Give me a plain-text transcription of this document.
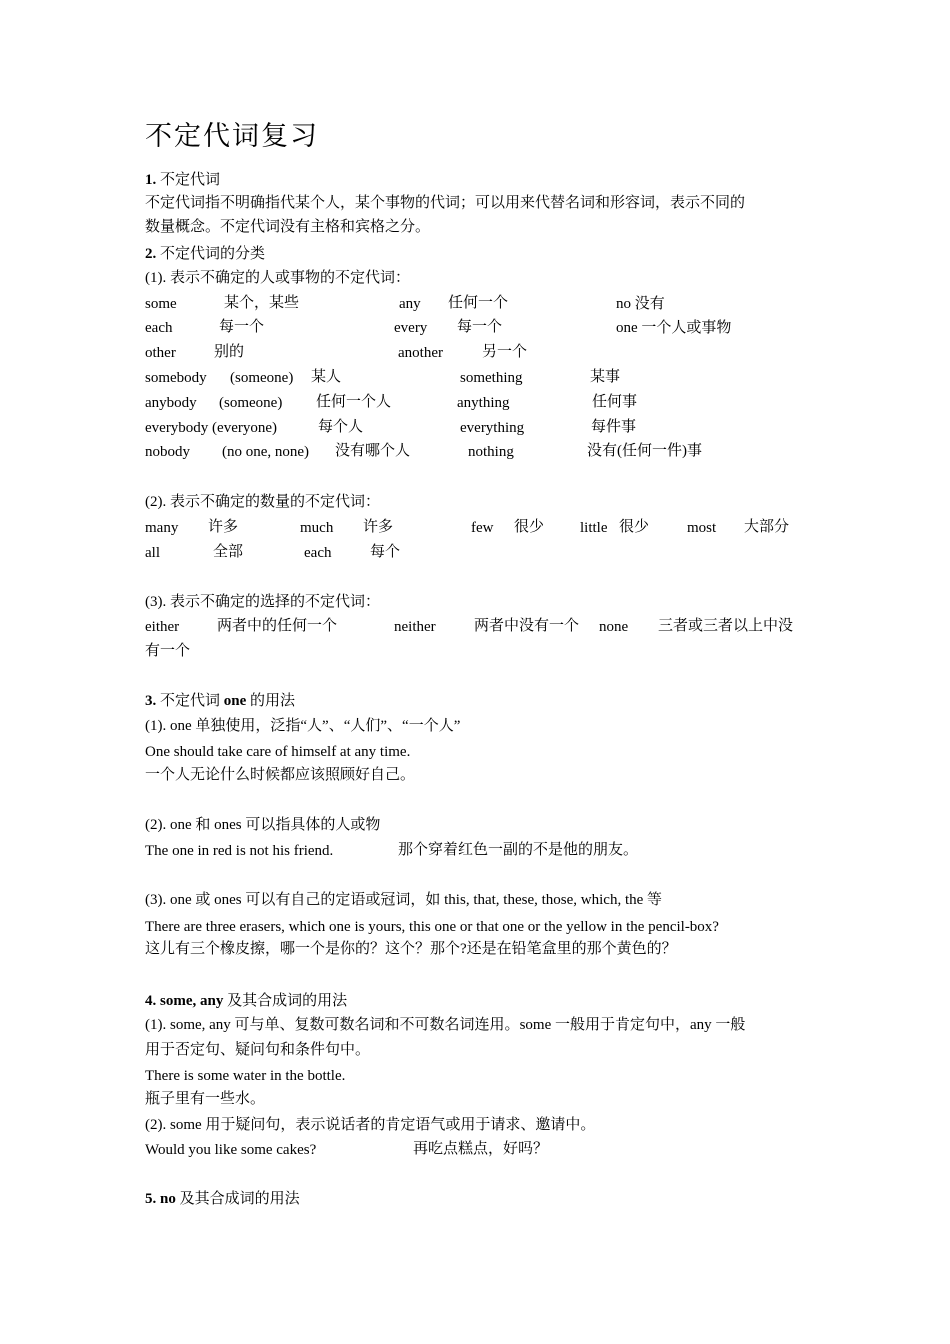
不定代词复习
1. 不定代词
不定代词指不明确指代某个人，某个事物的代词；可以用来代替名词和形容词，表示不同的
数量概念。不定代词没有主格和宾格之分。
2. 不定代词的分类
(1). 表示不确定的人或事物的不定代词：
some	某个，某些	any 任何一个	no 没有
each	每一个	every 每一个	one 一个人或事物
other	别的	another	另一个
somebody (someone) 某人	something	某事
anybody (someone) 任何一个人	anything	任何事
everybody (everyone)	每个人	everything	每件事
nobody (no one, none) 没有哪个人	nothing	没有(任何一件)事
(2). 表示不确定的数量的不定代词：
many 许多	much 许多	few 很少 little 很少	most 大部分
all	全部	each	每个
(3). 表示不确定的选择的不定代词：
either	两者中的任何一个	neither	两者中没有一个 none 三者或三者以上中没
有一个
3. 不定代词 one 的用法
(1). one 单独使用，泛指“人”、“人们”、“一个人”
One should take care of himself at any time.
一个人无论什么时候都应该照顾好自己。
(2). one 和 ones 可以指具体的人或物
The one in red is not his friend.	那个穿着红色一副的不是他的朋友。
(3). one 或 ones 可以有自己的定语或冠词，如 this, that, these, those, which, the 等
There are three erasers, which one is yours, this one or that one or the yellow in the pencil-box?
这儿有三个橡皮擦，哪一个是你的？这个？那个?还是在铅笔盒里的那个黄色的？
4. some, any 及其合成词的用法
(1). some, any 可与单、复数可数名词和不可数名词连用。some 一般用于肯定句中，any 一般
用于否定句、疑问句和条件句中。
There is some water in the bottle.
瓶子里有一些水。
(2). some 用于疑问句，表示说话者的肯定语气或用于请求、邀请中。
Would you like some cakes?	再吃点糕点，好吗？
5. no 及其合成词的用法
